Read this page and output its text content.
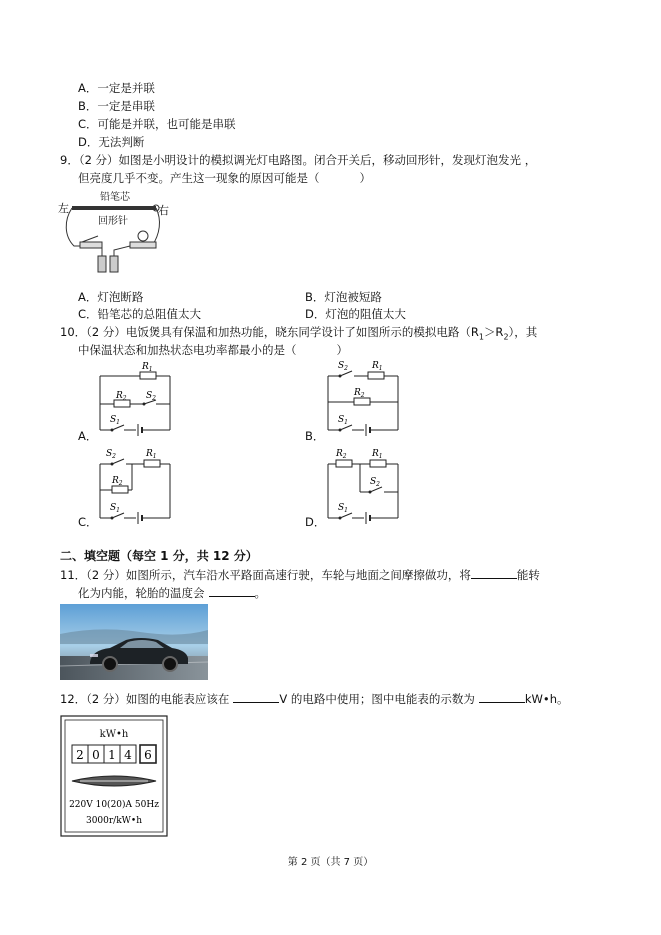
A．一定是并联
B．一定是串联
C．可能是并联，也可能是串联
D．无法判断
9．（2 分）如图是小明设计的模拟调光灯电路图。闭合开关后，移动回形针，发现灯泡发光 ，
但亮度几乎不变。产生这一现象的原因可能是（	）
左	右
铅笔芯
回形针
A．灯泡断路	B．灯泡被短路
C．铅笔芯的总阻值太大	D．灯泡的阻值太大
10．（2 分）电饭煲具有保温和加热功能，晓东同学设计了如图所示的模拟电路$(R_1>R_2)$，其
中保温状态和加热状态电功率都最小的是（	）
A．
$R_1$
$R_2$ $S_2$
$S_1$
B．
$S_2$	$R_1$
$R_2$
$S_1$
C．
$S_2$	$R_1$
$R_2$
$S_1$
D．
$R_2$	$R_1$
$S_2$
$S_1$
二、填空题（每空 1 分，共 12 分）
11．（2 分）如图所示，汽车沿水平路面高速行驶，车轮与地面之间摩擦做功，将	能转
化为内能，轮胎的温度会	。
12．（2 分）如图的电能表应该在	V 的电路中使用；图中电能表的示数为	kW•h。
kW•h
2 0 1 4 6
220V 10(20)A 50Hz
3000r/kW•h
第 2 页（共 7 页）
